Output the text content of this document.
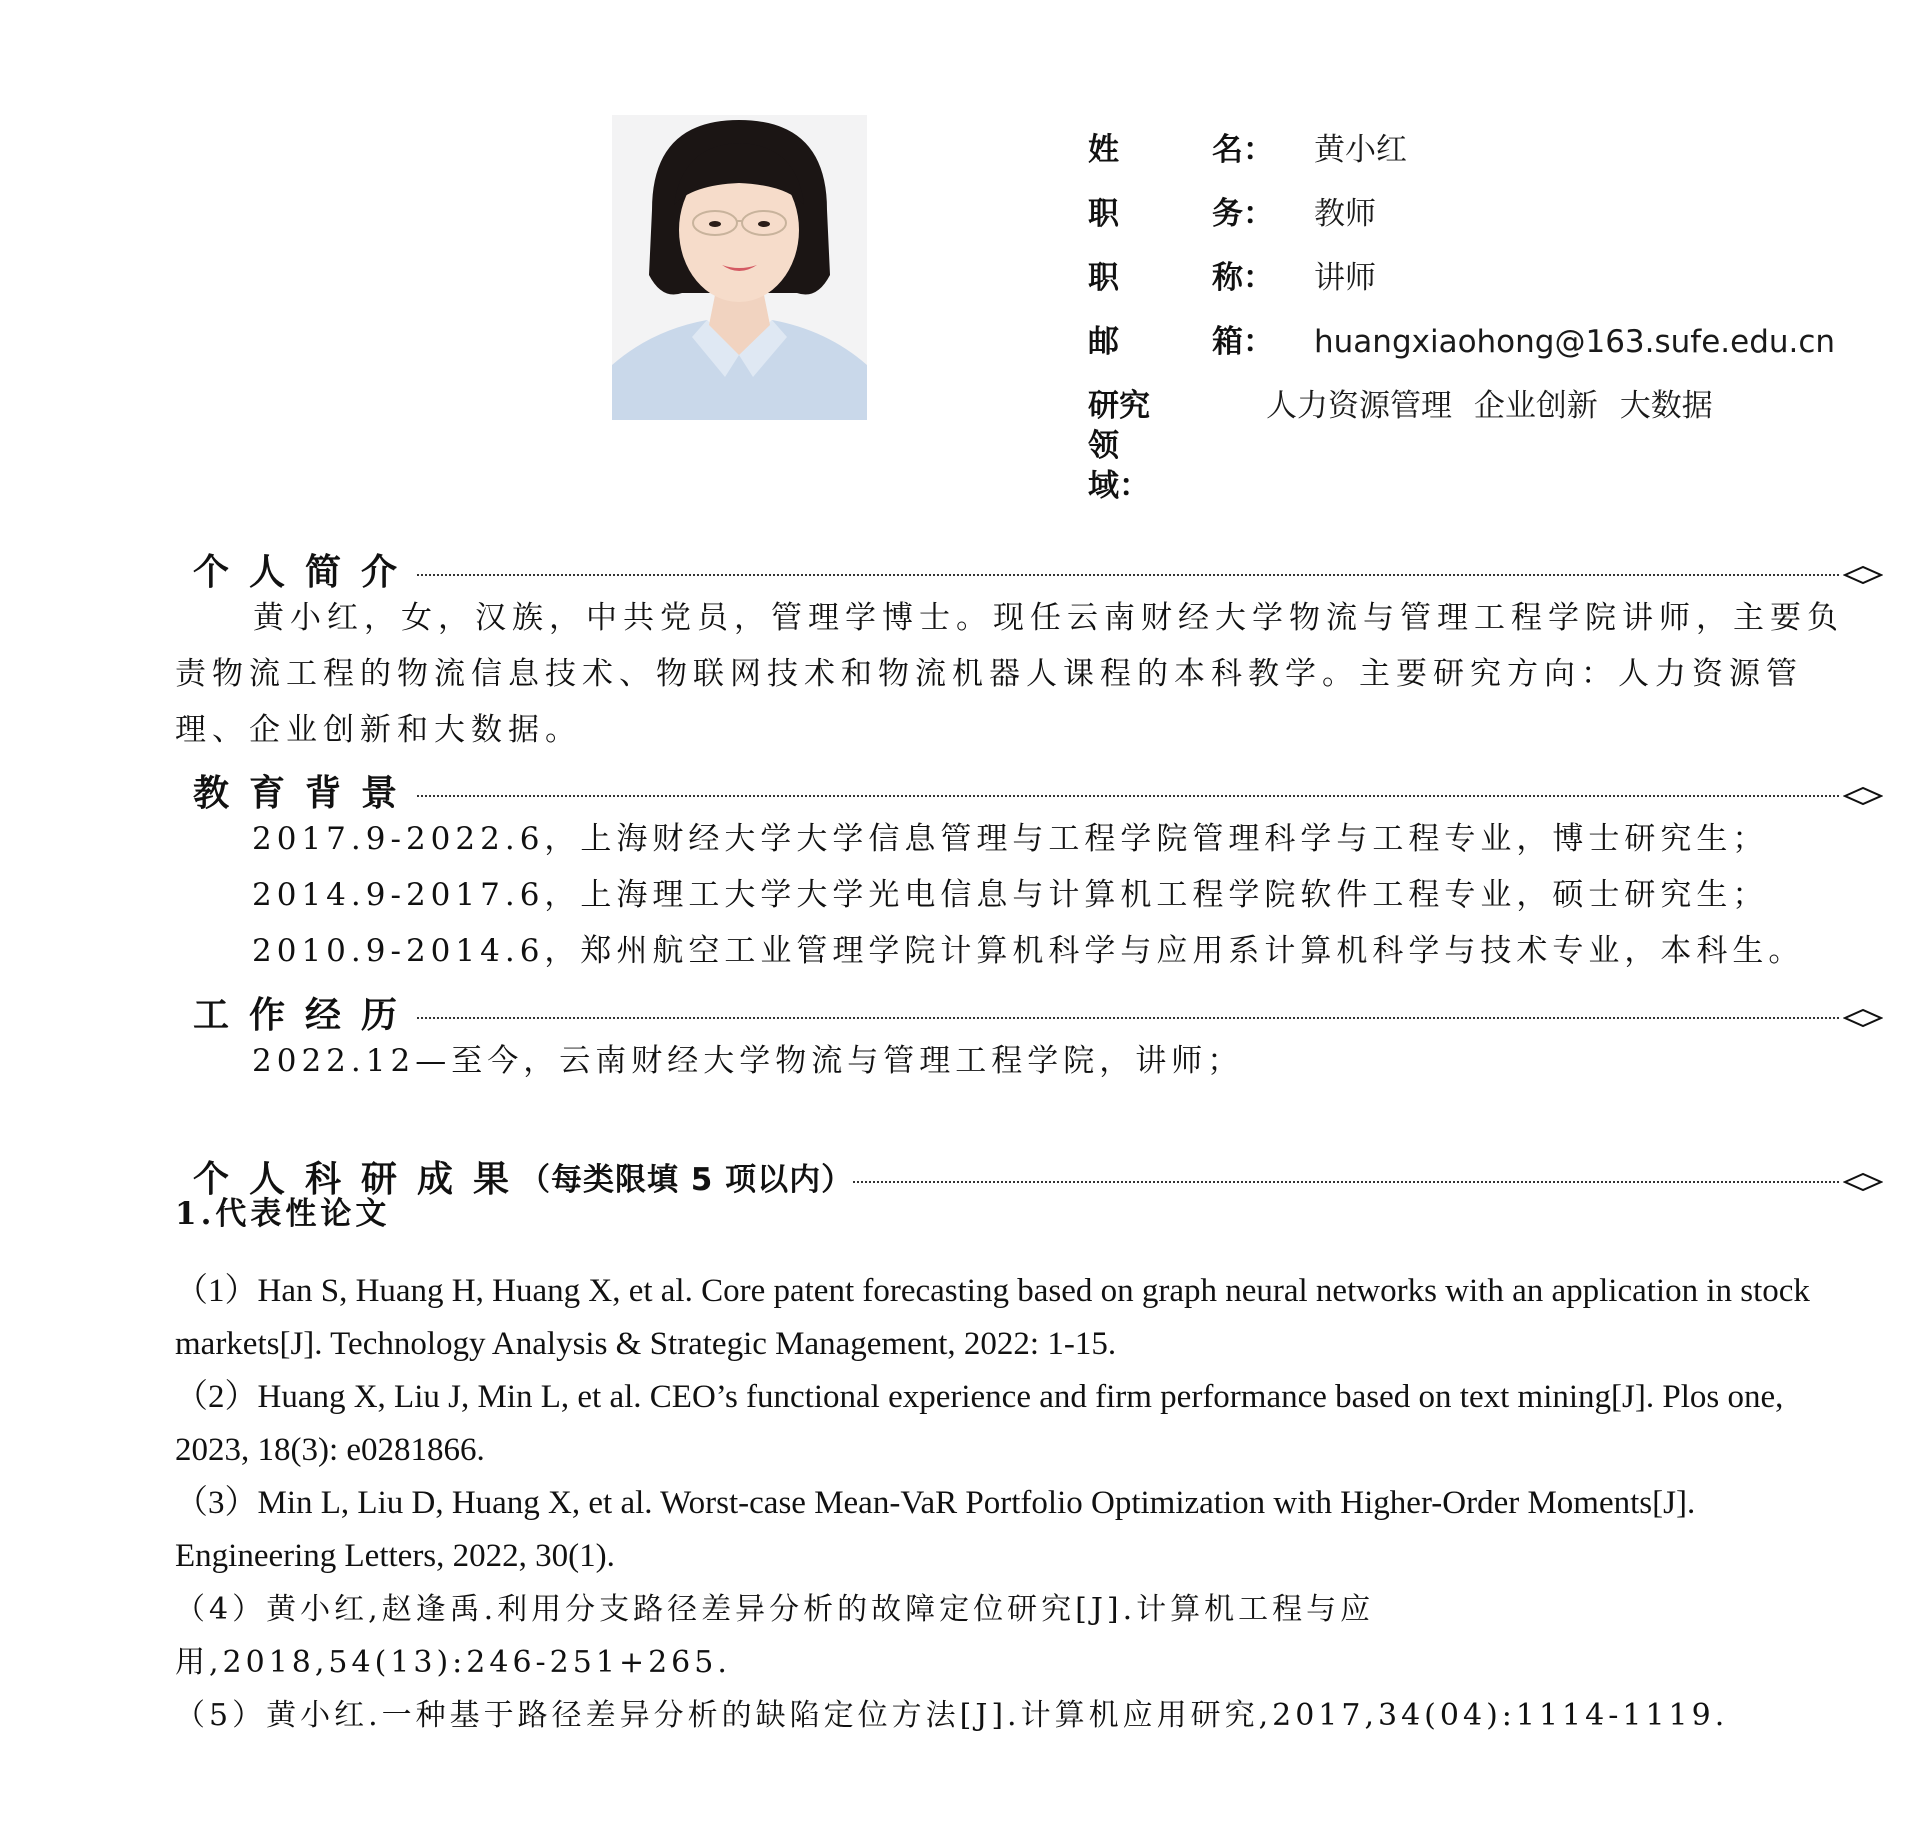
姓	名： 黄小红
职	务： 教师
职	称： 讲师
邮	箱： huangxiaohong@163.sufe.edu.cn
研究领域：
人力资源管理 企业创新 大数据
个人简介
黄小红，女，汉族，中共党员，管理学博士。现任云南财经大学物流与管理工程学院讲师，主要负责物流工程的物流信息技术、物联网技术和物流机器人课程的本科教学。主要研究方向：人力资源管理、企业创新和大数据。
教育背景
2017.9-2022.6，上海财经大学大学信息管理与工程学院管理科学与工程专业，博士研究生；
2014.9-2017.6，上海理工大学大学光电信息与计算机工程学院软件工程专业，硕士研究生；
2010.9-2014.6，郑州航空工业管理学院计算机科学与应用系计算机科学与技术专业，本科生。
工作经历
2022.12—至今，云南财经大学物流与管理工程学院，讲师；
个人科研成果
（每类限填 5 项以内）
1.代表性论文
（1）Han S, Huang H, Huang X, et al. Core patent forecasting based on graph neural networks with an application in stock markets[J]. Technology Analysis & Strategic Management, 2022: 1-15.
（2）Huang X, Liu J, Min L, et al. CEO’s functional experience and firm performance based on text mining[J]. Plos one, 2023, 18(3): e0281866.
（3）Min L, Liu D, Huang X, et al. Worst-case Mean-VaR Portfolio Optimization with Higher-Order Moments[J]. Engineering Letters, 2022, 30(1).
（4）黄小红,赵逢禹.利用分支路径差异分析的故障定位研究[J].计算机工程与应用,2018,54(13):246-251+265.
（5）黄小红.一种基于路径差异分析的缺陷定位方法[J].计算机应用研究,2017,34(04):1114-1119.
